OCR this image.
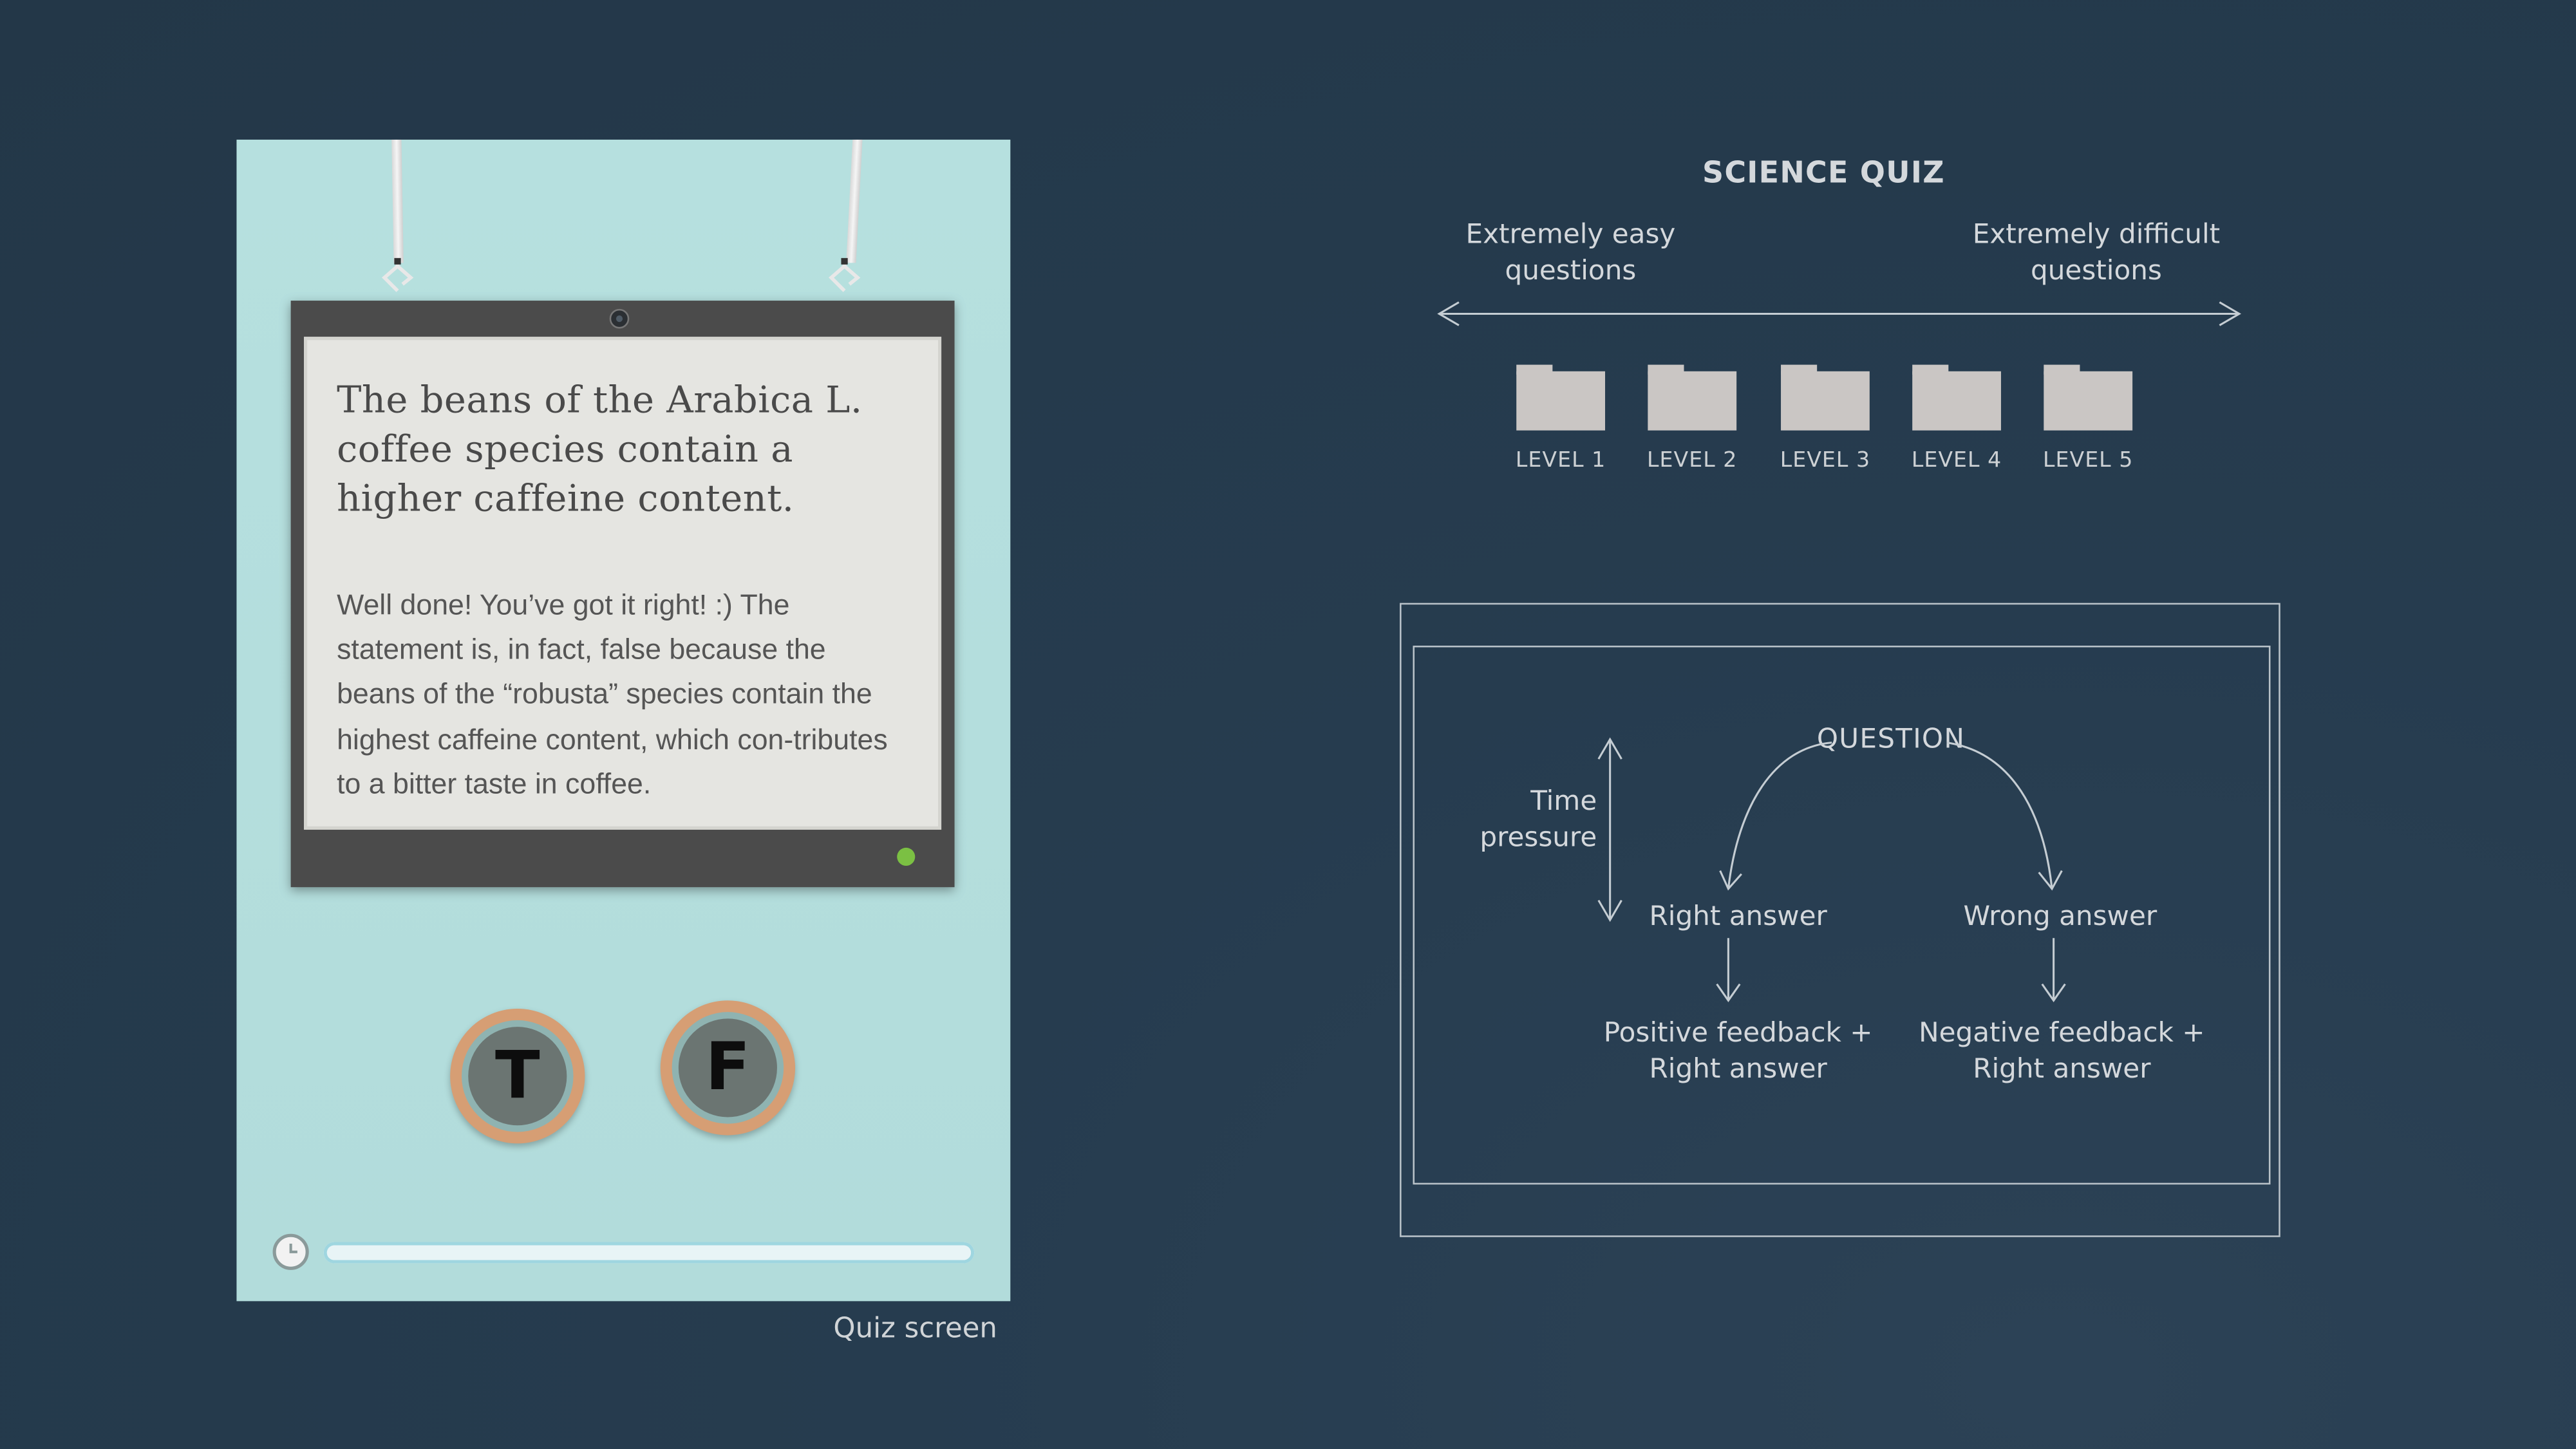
The beans of the Arabica L. coffee species contain a higher caffeine content.
Well done! You’ve got it right! :) The statement is, in fact, false because the beans of the “robusta” species contain the highest caffeine content, which con-tributes to a bitter taste in coffee.
T	F
Quiz screen
SCIENCE QUIZ
Extremely easy questions
Extremely difficult questions
LEVEL 1	LEVEL 2	LEVEL 3	LEVEL 4	LEVEL 5
QUESTION
Time pressure
Right answer	Wrong answer
Positive feedback + Right answer
Negative feedback + Right answer
